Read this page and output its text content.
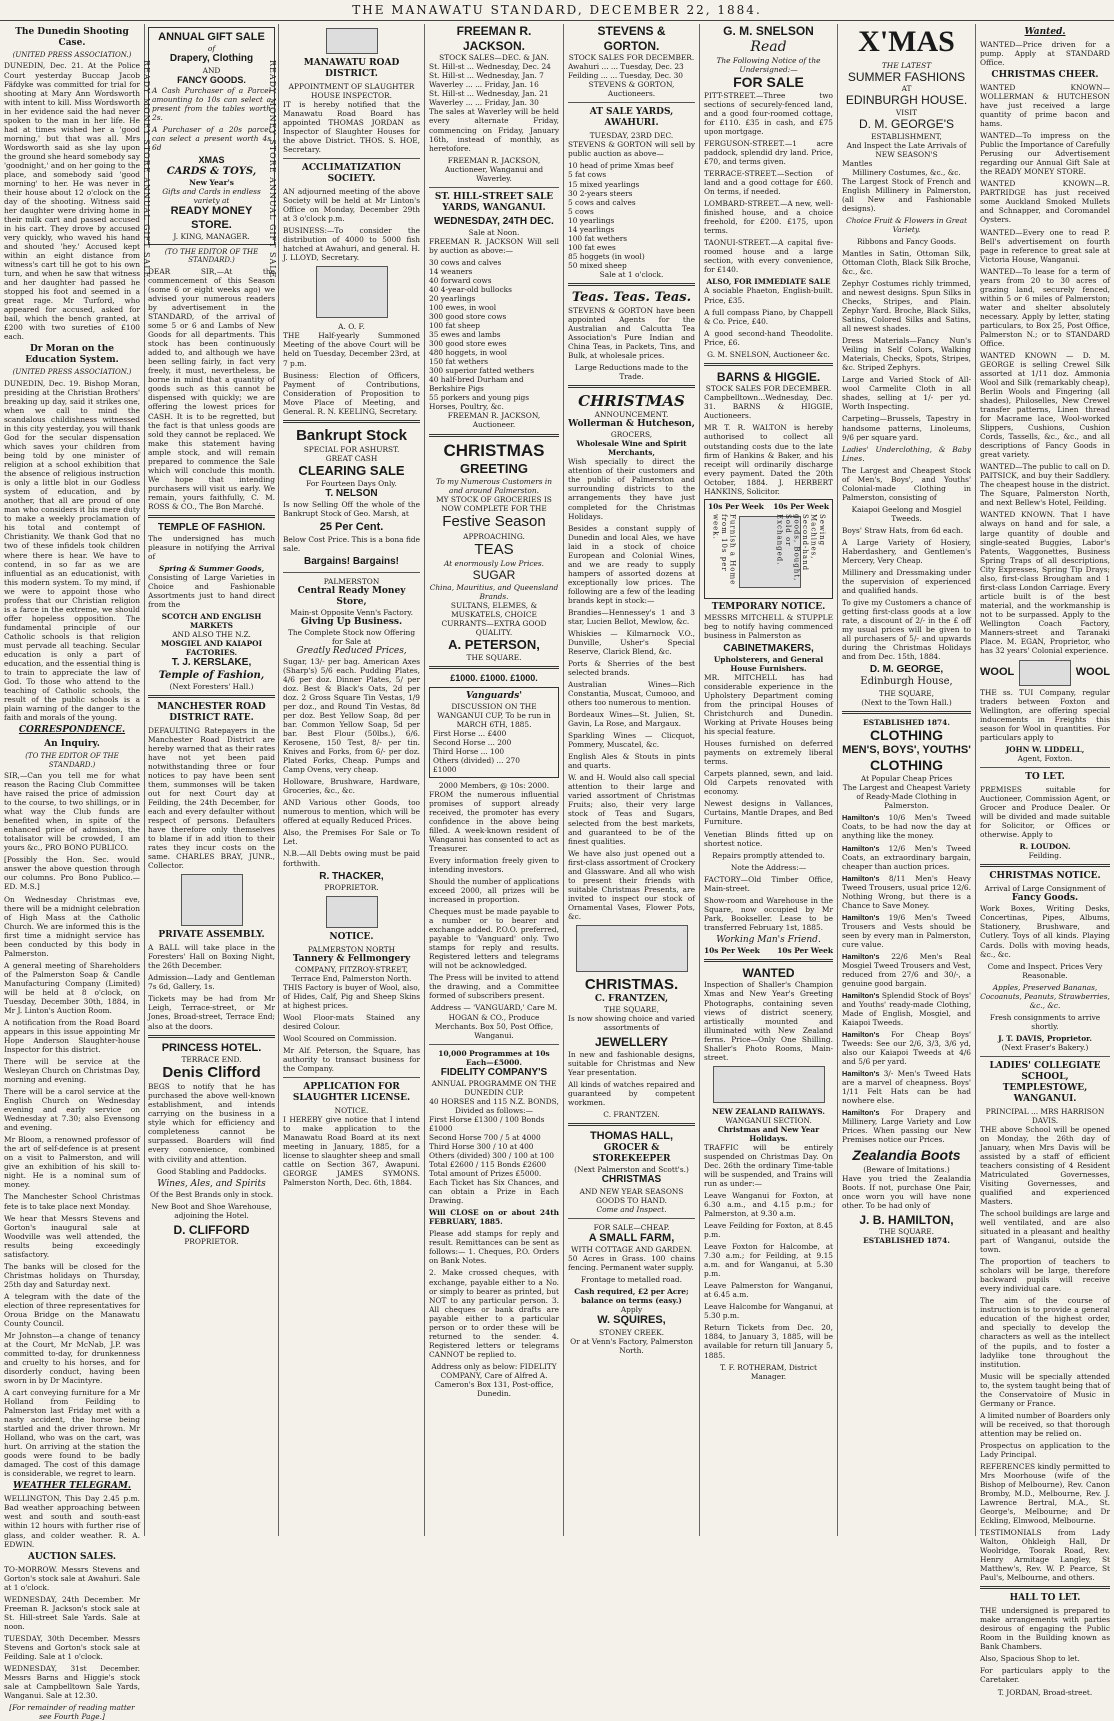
THE MANAWATU STANDARD, DECEMBER 22, 1884.
The Dunedin Shooting Case.
(UNITED PRESS ASSOCIATION.)

DUNEDIN, Dec. 21. At the Police Court yesterday Buccap Jacob Fäfdyke was committed for trial for shooting at Mary Ann Wordsworth with intent to kill. Miss Wordsworth in her evidence said the had never spoken to the man in her life. He had at times wished her a 'good morning,' but that was all. Mrs Wordsworth said as she lay upon the ground she heard somebody say 'goodnight,' and on her going to the place, and somebody said 'good morning' to her. He was never in their house about 12 o'clock on the day of the shooting. Witness said her daughter were driving home in their milk cart and passed accused in his cart. They drove by accused very quickly, who waved his hand and shouted 'hey.' Accused kept within an eight distance from witness's cart till he got to his own turn, and when he saw that witness and her daughter had passed he stopped his foot and seemed in a great rage. Mr Turford, who appeared for accused, asked for bail, which the bench granted, at £200 with two sureties of £100 each.

Dr Moran on the Education System.
(UNITED PRESS ASSOCIATION.)

DUNEDIN, Dec. 19. Bishop Moran, presiding at the Christian Brothers' breaking up day, said it strikes one, when we call to mind the scandalous childishness witnessed in this city yesterday, you will thank God for the secular dispensation which saves your children from being told by one minister of religion at a school exhibition that the absence of religious instruction is only a little blot in our Godless system of education, and by another, that all are proud of one man who considers it his mere duty to make a weekly proclamation of his total and contempt of Christianity. We thank God that no two of these infidels took children where there is hear. We have to contend, in so far as we are influential as an educationist, with this modern system. To my mind, if we were to appoint those who profess that our Christian religion is a farce in the extreme, we should offer hopeless opposition. The fundamental principle of our Catholic schools is that religion must pervade all teaching. Secular education is only a part of education, and the essential thing is to train to appreciate the law of God. To those who attend to the teaching of Catholic schools, the result of the public schools is a plain warning of the danger to the faith and morals of the young.

CORRESPONDENCE.
An Inquiry.
(TO THE EDITOR OF THE STANDARD.)

SIR,—Can you tell me for what reason the Racing Club Committee have raised the price of admission to the course, to two shillings, or in what way the Club funds are benefited when, in spite of the enhanced price of admission, the totalisator will be crowded, I am yours &c., PRO BONO PUBLICO.

[Possibly the Hon. Sec. would answer the above question through our columns. Pro Bono Publico.—ED. M.S.]

On Wednesday Christmas eve, there will be a midnight celebration of High Mass at the Catholic Church. We are informed this is the first time a midnight service has been conducted by this body in Palmerston.

A general meeting of Shareholders of the Palmerston Soap & Candle Manufacturing Company (Limited) will be held at 8 o'clock, on Tuesday, December 30th, 1884, in Mr J. Linton's Auction Room.

A notification from the Road Board appears in this issue appointing Mr Hope Anderson Slaughter-house Inspector for this district.

There will be service at the Wesleyan Church on Christmas Day, morning and evening.

There will be a carol service at the English Church on Wednesday evening and early service on Wednesday at 7.30; also Evensong and evening.

Mr Bloom, a renowned professor of the art of self-defence is at present on a visit to Palmerston, and will give an exhibition of his skill to-night. He is a nominal sum of money.

The Manchester School Christmas fete is to take place next Monday.

We hear that Messrs Stevens and Gorton's inaugural sale at Woodville was well attended, the results being exceedingly satisfactory.

The banks will be closed for the Christmas holidays on Thursday, 25th day and Saturday next.

A telegram with the date of the election of three representatives for Oroua Bridge on the Manawatu County Council.

Mr Johnston—a change of tenancy at the Court, Mr McNab, J.P. was committed to-day, for drunkenness and cruelty to his horses, and for disorderly conduct, having been sworn in by Dr Macintyre.

A cart conveying furniture for a Mr Holland from Feilding to Palmerston last Friday met with a nasty accident, the horse being startled and the driver thrown. Mr Holland, who was on the cart, was hurt. On arriving at the station the goods were found to be badly damaged. The cost of this damage is considerable, we regret to learn.

WEATHER TELEGRAM.

WELLINGTON, This Day 2.45 p.m. Bad weather approaching between west and south and south-east within 12 hours with further rise of glass, and colder weather. R. A. EDWIN.

AUCTION SALES.

TO-MORROW. Messrs Stevens and Gorton's stock sale at Awahuri. Sale at 1 o'clock.

WEDNESDAY, 24th December. Mr Freeman R. Jackson's stock sale at St. Hill-street Sale Yards. Sale at noon.

TUESDAY, 30th December. Messrs Stevens and Gorton's stock sale at Feilding. Sale at 1 o'clock.

WEDNESDAY, 31st December. Messrs Barns and Higgie's stock sale at Campbelltown Sale Yards, Wanganui. Sale at 12.30.

[For remainder of reading matter see Fourth Page.]

ANNUAL GIFT SALE
of
Drapery, Clothing
AND
FANCY GOODS.

A Cash Purchaser of a Parcel amounting to 10s can select a present from the tables worth 2s.

A Purchaser of a 20s parcel can select a present worth 4s 6d

XMAS
CARDS & TOYS,
New Year's
Gifts and Cards in endless variety at
READY MONEY STORE.
J. KING, MANAGER.
(TO THE EDITOR OF THE STANDARD.)

DEAR SIR,—At the commencement of this Season (some 6 or eight weeks ago) we advised your numerous readers by advertisement in the STANDARD, of the arrival of some 5 or 6 and Lambs of New Goods for all departments. This stock has been continuously added to, and although we have been selling fairly, in fact very freely, it must, nevertheless, be borne in mind that a quantity of goods such as this cannot be dispensed with quickly; we are offering the lowest prices for CASH. It is to be regretted, but the fact is that unless goods are sold they cannot be replaced. We make this statement having ample stock, and will remain prepared to commence the Sale which will conclude this month. We hope that intending purchasers will visit us early. We remain, yours faithfully, C. M. ROSS & CO., The Bon Marché.

TEMPLE OF FASHION.

The undersigned has much pleasure in notifying the Arrival of

Spring & Summer Goods,

Consisting of Large Varieties in Choice and Fashionable Assortments just to hand direct from the

SCOTCH AND ENGLISH MARKETS
AND ALSO THE N.Z.
MOSGIEL AND KAIAPOI FACTORIES.
T. J. KERSLAKE,
Temple of Fashion,
(Next Foresters' Hall.)
MANCHESTER ROAD DISTRICT RATE.

DEFAULTING Ratepayers in the Manchester Road District are hereby warned that as their rates have not yet been paid notwithstanding three or four notices to pay have been sent them, summonses will be taken out for next Court day at Feilding, the 24th December, for each and every defaulter without respect of persons. Defaulters have therefore only themselves to blame if in add ition to their rates they incur costs on the same. CHARLES BRAY, JUNR., Collector.

PRIVATE ASSEMBLY.

A BALL will take place in the Foresters' Hall on Boxing Night, the 26th December.

Admission—Lady and Gentleman 7s 6d, Gallery, 1s.

Tickets may be had from Mr Leigh, Terrace-street, or Mr Jones, Broad-street, Terrace End; also at the doors.

PRINCESS HOTEL.
TERRACE END.
Denis Clifford

BEGS to notify that he has purchased the above well-known establishment, and intends carrying on the business in a style which for efficiency and completeness cannot be surpassed. Boarders will find every convenience, combined with civility and attention.

Good Stabling and Paddocks.

Wines, Ales, and Spirits

Of the Best Brands only in stock.

New Boot and Shoe Warehouse, adjoining the Hotel.

D. CLIFFORD
PROPRIETOR.
MANAWATU ROAD DISTRICT.
APPOINTMENT OF SLAUGHTER HOUSE INSPECTOR.

IT is hereby notified that the Manawatu Road Board has appointed THOMAS JORDAN as Inspector of Slaughter Houses for the above District. THOS. S. HOE, Secretary.

ACCLIMATIZATION SOCIETY.

AN adjourned meeting of the above Society will be held at Mr Linton's Office on Monday, December 29th at 3 o'clock p.m.

BUSINESS:—To consider the distribution of 4000 to 5000 fish hatched at Awahuri, and general. H. J. LLOYD, Secretary.

A. O. F.

THE Half-yearly Summoned Meeting of the above Court will be held on Tuesday, December 23rd, at 7 p.m.

Business: Election of Officers, Payment of Contributions, Consideration of Proposition to Move Place of Meeting, and General. R. N. KEELING, Secretary.

Bankrupt Stock
SPECIAL FOR ASHURST.
GREAT CASH
CLEARING SALE
For Fourteen Days Only.
T. NELSON

Is now Selling Off the whole of the Bankrupt Stock of Geo. Marsh, at

25 Per Cent.

Below Cost Price. This is a bona fide sale.

Bargains! Bargains!
PALMERSTON
Central Ready Money Store,
Main-st Opposite Venn's Factory.
Giving Up Business.
The Complete Stock now Offering for Sale at
Greatly Reduced Prices,

Sugar, 13/- per bag. American Axes (Sharp's) 5/6 each. Pudding Plates, 4/6 per doz. Dinner Plates, 5/ per doz. Best & Black's Oats, 2d per doz. 2 Gross Square Tin Vestas, 1/9 per doz., and Round Tin Vestas, 8d per doz. Best Yellow Soap, 8d per bar. Common Yellow Soap, 5d per bar. Best Flour (50lbs.), 6/6. Kerosene, 150 Test, 8/- per tin. Knives and Forks, from 6/- per doz. Plated Forks, Cheap. Pumps and Camp Ovens, very cheap.

Holloware, Brushware, Hardware, Groceries, &c., &c.

AND Various other Goods, too numerous to mention, which will be offered at equally Reduced Prices.

Also, the Premises For Sale or To Let.

N.B.—All Debts owing must be paid forthwith.

R. THACKER,
PROPRIETOR.
NOTICE.
PALMERSTON NORTH
Tannery & Fellmongery
COMPANY, FITZROY-STREET, Terrace End, Palmerston North.

THIS Factory is buyer of Wool, also, of Hides, Calf, Pig and Sheep Skins at highest prices.

Wool Floor-mats Stained any desired Colour.

Wool Scoured on Commission.

Mr Alf. Peterson, the Square, has authority to transact business for the Company.

APPLICATION FOR SLAUGHTER LICENSE.
NOTICE.

I HEREBY give notice that I intend to make application to the Manawatu Road Board at its next meeting in January, 1885, for a license to slaughter sheep and small cattle on Section 367, Awapuni. GEORGE JAMES SYMONS. Palmerston North, Dec. 6th, 1884.

FREEMAN R. JACKSON.
STOCK SALES—DEC. & JAN.
St. Hill-st ... Wednesday, Dec. 24
St. Hill-st ... Wednesday, Jan. 7
Waverley ... ... Friday, Jan. 16
St. Hill-st ... Wednesday, Jan. 21
Waverley ... ... Friday, Jan. 30

The sales at Waverley will be held every alternate Friday, commencing on Friday, January 16th, instead of monthly, as heretofore.

FREEMAN R. JACKSON, Auctioneer, Wanganui and Waverley.

ST. HILL-STREET SALE YARDS, WANGANUI.
WEDNESDAY, 24TH DEC.
Sale at Noon.

FREEMAN R. JACKSON Will sell by auction as above:—

30 cows and calves
14 weaners
40 forward cows
40 4-year-old bullocks
20 yearlings
100 ewes, in wool
300 good store cows
100 fat sheep
35 ewes and lambs
300 good store ewes
480 hoggets, in wool
150 fat wethers
300 superior fatted wethers
40 half-bred Durham and Berkshire Pigs
55 porkers and young pigs
Horses, Poultry, &c.

FREEMAN R. JACKSON, Auctioneer.

CHRISTMAS
GREETING
To my Numerous Customers in and around Palmerston.
MY STOCK OF GROCERIES IS NOW COMPLETE FOR THE
Festive Season
APPROACHING.
TEAS
At enormously Low Prices.
SUGAR
China, Mauritius, and Queensland Brands.
SULTANS, ELEMES, & MUSKATELS, CHOICE CURRANTS—EXTRA GOOD QUALITY.
A. PETERSON,
THE SQUARE.
£1000. £1000. £1000.
Vanguards'
DISCUSSION ON THE WANGANUI CUP, To be run in MARCH 6TH, 1885.
First Horse ... £400
Second Horse ... 200
Third Horse ... 100
Others (divided) ... 270
£1000
2000 Members, @ 10s: 2000.

FROM the numerous influential promises of support already received, the promoter has every confidence in the above being filled. A week-known resident of Wanganui has consented to act as Treasurer.

Every information freely given to intending investors.

Should the number of applications exceed 2000, all prizes will be increased in proportion.

Cheques must be made payable to a number or to bearer and exchange added. P.O.O. preferred, payable to 'Vanguard' only. Two stamps for reply and results. Registered letters and telegrams will not be acknowledged.

The Press will be invited to attend the drawing, and a Committee formed of subscribers present.

Address — 'VANGUARD,' Care M. HOGAN & CO., Produce Merchants. Box 50, Post Office, Wanganui.

10,000 Programmes at 10s Each—£5000.
FIDELITY COMPANY'S
ANNUAL PROGRAMME ON THE DUNEDIN CUP.
40 HORSES and 115 N.Z. BONDS, Divided as follows:—
First Horse £1300 / 100 Bonds £1000
Second Horse 700 / 5 at 4000
Third Horse 300 / 10 at 400
Others (divided) 300 / 100 at 100
Total £2600 / 115 Bonds £2600
Total amount of Prizes £5000.

Each Ticket has Six Chances, and can obtain a Prize in Each Drawing.

Will CLOSE on or about 24th FEBRUARY, 1885.

Please add stamps for reply and result. Remittances can be sent as follows:— 1. Cheques, P.O. Orders on Bank Notes.

2. Make crossed cheques, with exchange, payable either to a No. or simply to bearer as printed, but NOT to any particular person. 3. All cheques or bank drafts are payable either to a particular person or to order these will be returned to the sender. 4. Registered letters or telegrams CANNOT be replied to.

Address only as below: FIDELITY COMPANY, Care of Alfred A. Cameron's Box 131, Post-office, Dunedin.

STEVENS & GORTON.
STOCK SALES FOR DECEMBER.
Awahuri ... ... Tuesday, Dec. 23
Feilding ... ... Tuesday, Dec. 30

STEVENS & GORTON, Auctioneers.

AT SALE YARDS, AWAHURI.
TUESDAY, 23RD DEC.

STEVENS & GORTON will sell by public auction as above—

10 head of prime Xmas beef
5 fat cows
15 mixed yearlings
30 2-years steers
5 cows and calves
5 cows
10 yearlings
14 yearlings
100 fat wethers
100 fat ewes
85 hoggets (in wool)
50 mixed sheep

Sale at 1 o'clock.

Teas. Teas. Teas.

STEVENS & GORTON have been appointed Agents for the Australian and Calcutta Tea Association's Pure Indian and China Teas, in Packets, Tins, and Bulk, at wholesale prices.

Large Reductions made to the Trade.

CHRISTMAS
ANNOUNCEMENT.
Wollerman & Hutcheson,
GROCERS,
Wholesale Wine and Spirit Merchants,

Wish specially to direct the attention of their customers and the public of Palmerston and surrounding districts to the arrangements they have just completed for the Christmas Holidays.

Besides a constant supply of Dunedin and local Ales, we have laid in a stock of choice European and Colonial Wines, and we are ready to supply hampers of assorted dozens at exceptionally low prices. The following are a few of the leading brands kept in stock:—

Brandies—Hennessey's 1 and 3 star, Lucien Bellot, Mewlow, &c.

Whiskies — Kilmarnock V.O., Dunville, Usher's Special Reserve, Clarick Blend, &c.

Ports & Sherries of the best selected brands.

Australian Wines—Rich Constantia, Muscat, Cumooo, and others too numerous to mention.

Bordeaux Wines—St. Julien, St. Gavin, La Rose, and Margaux.

Sparkling Wines — Clicquot, Pommery, Muscatel, &c.

English Ales & Stouts in pints and quarts.

W. and H. Would also call special attention to their large and varied assortment of Christmas Fruits; also, their very large stock of Teas and Sugars, selected from the best markets, and guaranteed to be of the finest qualities.

We have also just opened out a first-class assortment of Crockery and Glassware. And all who wish to present their friends with suitable Christmas Presents, are invited to inspect our stock of Ornamental Vases, Flower Pots, &c.

CHRISTMAS.
C. FRANTZEN,
THE SQUARE,

Is now showing choice and varied assortments of

JEWELLERY

In new and fashionable designs, suitable for Christmas and New Year presentation.

All kinds of watches repaired and guaranteed by competent workmen.

C. FRANTZEN.
THOMAS HALL,
GROCER & STOREKEEPER
(Next Palmerston and Scott's.)
CHRISTMAS
AND NEW YEAR SEASONS GOODS TO HAND.
Come and Inspect.
FOR SALE—CHEAP.
A SMALL FARM,
WITH COTTAGE AND GARDEN.

50 Acres in Grass. 100 chains fencing. Permanent water supply.

Frontage to metalled road.

Cash required, £2 per Acre; balance on terms (easy.)
Apply
W. SQUIRES,
STONEY CREEK.
Or at Venn's Factory, Palmerston North.
G. M. SNELSON
Read
The Following Notice of the Undersigned:—
FOR SALE

PITT-STREET.—Three two sections of securely-fenced land, and a good four-roomed cottage, for £110. £35 in cash, and £75 upon mortgage.

FERGUSON-STREET.—1 acre paddock, splendid dry land. Price, £70, and terms given.

TERRACE-STREET.—Section of land and a good cottage for £60. On terms, if needed.

LOMBARD-STREET.—A new, well-finished house, and a choice freehold, for £200. £175, upon terms.

TAONUI-STREET.—A capital five-roomed house and a large section, with every convenience, for £140.

ALSO, FOR IMMEDIATE SALE

A sociable Phaeton, English-built. Price, £35.

A full compass Piano, by Chappell & Co. Price, £40.

A good second-hand Theodolite. Price, £6.

G. M. SNELSON, Auctioneer &c.

BARNS & HIGGIE.
STOCK SALES FOR DECEMBER.

Campbelltown...Wednesday, Dec. 31. BARNS & HIGGIE, Auctioneers.

MR T. R. WALTON is hereby authorised to collect all outstanding costs due to the late firm of Hankins & Baker, and his receipt will ordinarily discharge every payment. Dated the 20th October, 1884. J. HERBERT HANKINS, Solicitor.

10s Per Week 10s Per Week
Furnish a Home from 10s per week.	Sewing Machines, Second-hand goods, Bought, Sold or Exchanged.
TEMPORARY NOTICE.

MESSRS MITCHELL & STUPPLE beg to notify having commenced business in Palmerston as

CABINETMAKERS,
Upholsterers, and General House Furnishers.

MR. MITCHELL has had considerable experience in the Upholstery Department coming from the principal Houses of Christchurch and Dunedin. Working at Private Houses being his special feature.

Houses furnished on deferred payments on extremely liberal terms.

Carpets planned, sewn, and laid. Old Carpets renovated with economy.

Newest designs in Vallances, Curtains, Mantle Drapes, and Bed Furniture.

Venetian Blinds fitted up on shortest notice.

Repairs promptly attended to.

Note the Address:—

FACTORY—Old Timber Office, Main-street.

Show-room and Warehouse in the Square, now occupied by Mr Park, Bookseller. Lease to be transferred February 1st, 1885.

Working Man's Friend.
10s Per Week 10s Per Week
WANTED

Inspection of Shaller's Champion Xmas and New Year's Greeting Photographs, containing seven views of district scenery, artistically mounted and illuminated with New Zealand ferns. Price—Only One Shilling. Shaller's Photo Rooms, Main-street.

NEW ZEALAND RAILWAYS.
WANGANUI SECTION.
Christmas and New Year Holidays.

TRAFFIC will be entirely suspended on Christmas Day. On Dec. 26th the ordinary Time-table will be suspended, and Trains will run as under:—

Leave Wanganui for Foxton, at 6.30 a.m., and 4.15 p.m.; for Palmerston, at 9.30 a.m.

Leave Feilding for Foxton, at 8.45 p.m.

Leave Foxton for Halcombe, at 7.30 a.m.; for Feilding, at 9.15 a.m. and for Wanganui, at 5.30 p.m.

Leave Palmerston for Wanganui, at 6.45 a.m.

Leave Halcombe for Wanganui, at 5.30 p.m.

Return Tickets from Dec. 20, 1884, to January 3, 1885, will be available for return till January 5, 1885.

T. F. ROTHERAM, District Manager.

X'MAS
THE LATEST
SUMMER FASHIONS
AT
EDINBURGH HOUSE.
VISIT
D. M. GEORGE'S
ESTABLISHMENT,
And Inspect the Late Arrivals of NEW SEASON'S
Mantles
Millinery Costumes, &c., &c.

The Largest Stock of French and English Millinery in Palmerston, (all New and Fashionable designs).

Choice Fruit & Flowers in Great Variety.

Ribbons and Fancy Goods.

Mantles in Satin, Ottoman Silk, Ottoman Cloth, Black Silk Broche, &c., &c.

Zephyr Costumes richly trimmed, and newest designs. Spun Silks in Checks, Stripes, and Plain. Zephyr Yard. Broche, Black Silks, Satins, Colored Silks and Satins, all newest shades.

Dress Materials—Fancy Nun's Veiling in Self Colors, Walking Materials, Checks, Spots, Stripes, &c. Striped Zephyrs.

Large and Varied Stock of All-wool Carmelite Cloth in all shades, selling at 1/- per yd. Worth Inspecting.

Carpeting—Brussels, Tapestry in handsome patterns, Linoleums, 9/6 per square yard.

Ladies' Underclothing, & Baby Lines.

The Largest and Cheapest Stock of Men's, Boys', and Youths' Colonial-made Clothing in Palmerston, consisting of

Kaiapoi Geelong and Mosgiel Tweeds.

Boys' Straw Hats, from 6d each.

A Large Variety of Hosiery, Haberdashery, and Gentlemen's Mercery, Very Cheap.

Millinery and Dressmaking under the supervision of experienced and qualified hands.

To give my Customers a chance of getting first-class goods at a low rate, a discount of 2/- in the £ off my usual prices will be given to all purchasers of 5/- and upwards during the Christmas Holidays and from Dec. 15th, 1884.

D. M. GEORGE,
Edinburgh House,
THE SQUARE,
(Next to the Town Hall.)
ESTABLISHED 1874.
CLOTHING
MEN'S, BOYS', YOUTHS'
CLOTHING
At Popular Cheap Prices

The Largest and Cheapest Variety of Ready-Made Clothing in Palmerston.

Hamilton's 10/6 Men's Tweed Coats, to be had now the day at anything like the money.

Hamilton's 12/6 Men's Tweed Coats, an extraordinary bargain, cheaper than auction prices.

Hamilton's 8/11 Men's Heavy Tweed Trousers, usual price 12/6. Nothing Wrong, but there is a Chance to Save Money.

Hamilton's 19/6 Men's Tweed Trousers and Vests should be seen by every man in Palmerston, cure value.

Hamilton's 22/6 Men's Real Mosgiel Tweed Trousers and Vest, reduced from 27/6 and 30/-, a genuine good bargain.

Hamilton's Splendid Stock of Boys' and Youths' ready-made Clothing, Made of English, Mosgiel, and Kaiapoi Tweeds.

Hamilton's For Cheap Boys' Tweeds: See our 2/6, 3/3, 3/6 yd, also our Kaiapoi Tweeds at 4/6 and 5/6 per yard.

Hamilton's 3/- Men's Tweed Hats are a marvel of cheapness. Boys' 1/11 Felt Hats can be had nowhere else.

Hamilton's For Drapery and Millinery, Large Variety and Low Prices. When passing our New Premises notice our Prices.

Zealandia Boots
(Beware of Imitations.)

Have you tried the Zealandia Boots. If not, purchase One Pair, once worn you will have none other. To be had only of

J. B. HAMILTON,
THE SQUARE.
ESTABLISHED 1874.
Wanted.

WANTED—Price driven for a pump. Apply at STANDARD Office.

CHRISTMAS CHEER.

WANTED KNOWN—WOLLERMAN & HUTCHESON have just received a large quantity of prime bacon and hams.

WANTED—To impress on the Public the Importance of Carefully Perusing our Advertisement regarding our Annual Gift Sale at the READY MONEY STORE.

WANTED KNOWN—R. PARTRIDGE has just received some Auckland Smoked Mullets and Schnapper, and Coromandel Oysters.

WANTED—Every one to read P. Bell's advertisement on fourth page in reference to great sale at Victoria House, Wanganui.

WANTED—To lease for a term of years from 20 to 30 acres of grazing land, securely fenced, within 5 or 6 miles of Palmerston; water and shelter absolutely necessary. Apply by letter, stating particulars, to Box 25, Post Office, Palmerston N.; or to STANDARD Office.

WANTED KNOWN — D. M. GEORGE is selling Crewel Silk assorted at 1/11 doz. Ammonia Wool and Silk (remarkably cheap), Berlin Wools and Fingering (all shades), Philoselles, New Crewel transfer patterns, Linen thread for Macrame lace, Wool-worked Slippers, Cushions, Cushion Cords, Tassells, &c., &c., and all descriptions of Fancy Goods in great variety.

WANTED—The public to call on D. PAITSICK, and buy their Saddlery. The cheapest house in the district. The Square, Palmerston North, and next Bellew's Hotel, Feilding.

WANTED KNOWN. That I have always on hand and for sale, a large quantity of double and single-seated Buggies, Labor's Patents, Waggonettes, Business Spring Traps of all descriptions, City Expresses, Spring Tip Drays; also, first-class Brougham and 1 first-class London Carriage. Every article built is of the best material, and the workmanship is not to be surpassed. Apply to the Wellington Coach Factory, Manners-street and Taranaki Place. M. EGAN, Proprietor, who has 32 years' Colonial experience.

WOOL	WOOL

THE ss. TUI Company, regular traders between Foxton and Wellington, are offering special inducements in Freights this season for Wool in quantities. For particulars apply to

JOHN W. LIDDELL,
Agent, Foxton.
TO LET.

PREMISES suitable for Auctioneer, Commission Agent, or Grocer and Produce Dealer. Or will be divided and made suitable for Solicitor, or Offices or otherwise. Apply to

R. LOUDON.
Feilding.
CHRISTMAS NOTICE.
Arrival of Large Consignment of
Fancy Goods.

Work Boxes, Writing Desks, Concertinas, Pipes, Albums, Stationery, Brushware, and Cutlery. Toys of all kinds. Playing Cards. Dolls with moving heads, &c., &c.

Come and Inspect. Prices Very Reasonable.

Apples, Preserved Bananas, Cocoanuts, Peanuts, Strawberries, &c., &c.

Fresh consignments to arrive shortly.

J. T. DAVIS, Proprietor.
(Next Fraser's Bakery.)
LADIES' COLLEGIATE SCHOOL, TEMPLESTOWE, WANGANUI.
PRINCIPAL ... MRS HARRISON DAVIS.

THE above School will be opened on Monday, the 26th day of January, when Mrs Davis will be assisted by a staff of efficient teachers consisting of 4 Resident Matriculated Governesses, Visiting Governesses, and qualified and experienced Masters.

The school buildings are large and well ventilated, and are also situated in a pleasant and healthy part of Wanganui, outside the town.

The proportion of teachers to scholars will be large, therefore backward pupils will receive every individual care.

The aim of the course of instruction is to provide a general education of the highest order, and specially to develop the characters as well as the intellect of the pupils, and to foster a ladylike tone throughout the institution.

Music will be specially attended to, the system taught being that of the Conservatoire of Music in Germany or France.

A limited number of Boarders only will be received, so that thorough attention may be relied on.

Prospectus on application to the Lady Principal.

REFERENCES kindly permitted to Mrs Moorhouse (wife of the Bishop of Melbourne), Rev. Canon Bromby, M.D., Melbourne, Rev. J. Lawrence Bertral, M.A., St. George's, Melbourne; and Dr Eckling, Elmwood, Melbourne.

TESTIMONIALS from Lady Walton, Ohkleigh Hall, Dr Woolridge, Toorak Road, Rev. Henry Armitage Langley, St Matthew's, Rev. W. P. Pearce, St Paul's, Melbourne, and others.

HALL TO LET.

THE undersigned is prepared to make arrangements with parties desirous of engaging the Public Room in the Building known as Bank Chambers.

Also, Spacious Shop to let.

For particulars apply to the Caretaker.

T. JORDAN, Broad-street.

READY MONEY STORE ANNUAL GIFT SALE.	READY MONEY STORE ANNUAL GIFT SALE.
